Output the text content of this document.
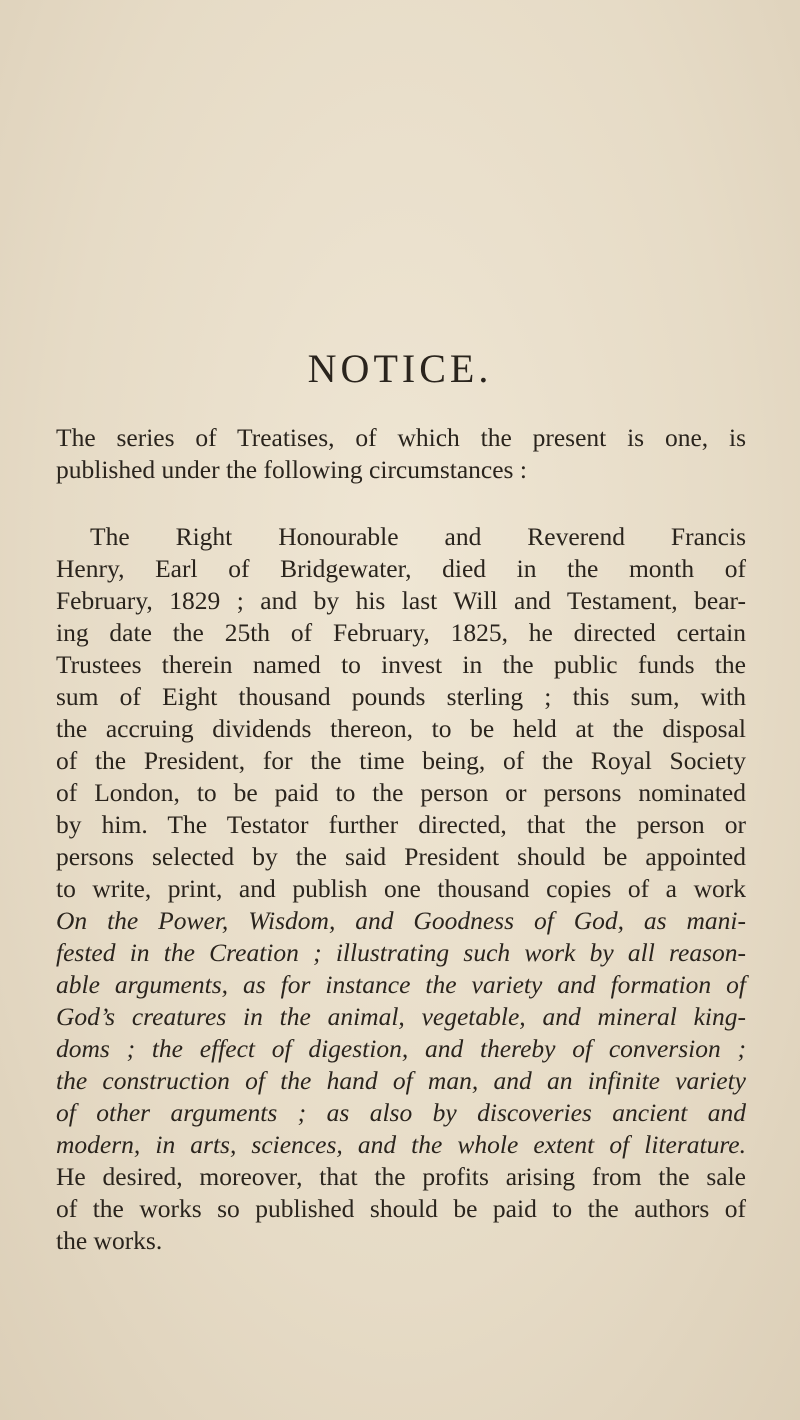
NOTICE.
The series of Treatises, of which the present is one, is
published under the following circumstances :
The Right Honourable and Reverend Francis
Henry, Earl of Bridgewater, died in the month of
February, 1829 ; and by his last Will and Testament, bear-
ing date the 25th of February, 1825, he directed certain
Trustees therein named to invest in the public funds the
sum of Eight thousand pounds sterling ; this sum, with
the accruing dividends thereon, to be held at the disposal
of the President, for the time being, of the Royal Society
of London, to be paid to the person or persons nominated
by him. The Testator further directed, that the person or
persons selected by the said President should be appointed
to write, print, and publish one thousand copies of a work
On the Power, Wisdom, and Goodness of God, as mani-
fested in the Creation ; illustrating such work by all reason-
able arguments, as for instance the variety and formation of
God’s creatures in the animal, vegetable, and mineral king-
doms ; the effect of digestion, and thereby of conversion ;
the construction of the hand of man, and an infinite variety
of other arguments ; as also by discoveries ancient and
modern, in arts, sciences, and the whole extent of literature.
He desired, moreover, that the profits arising from the sale
of the works so published should be paid to the authors of
the works.
